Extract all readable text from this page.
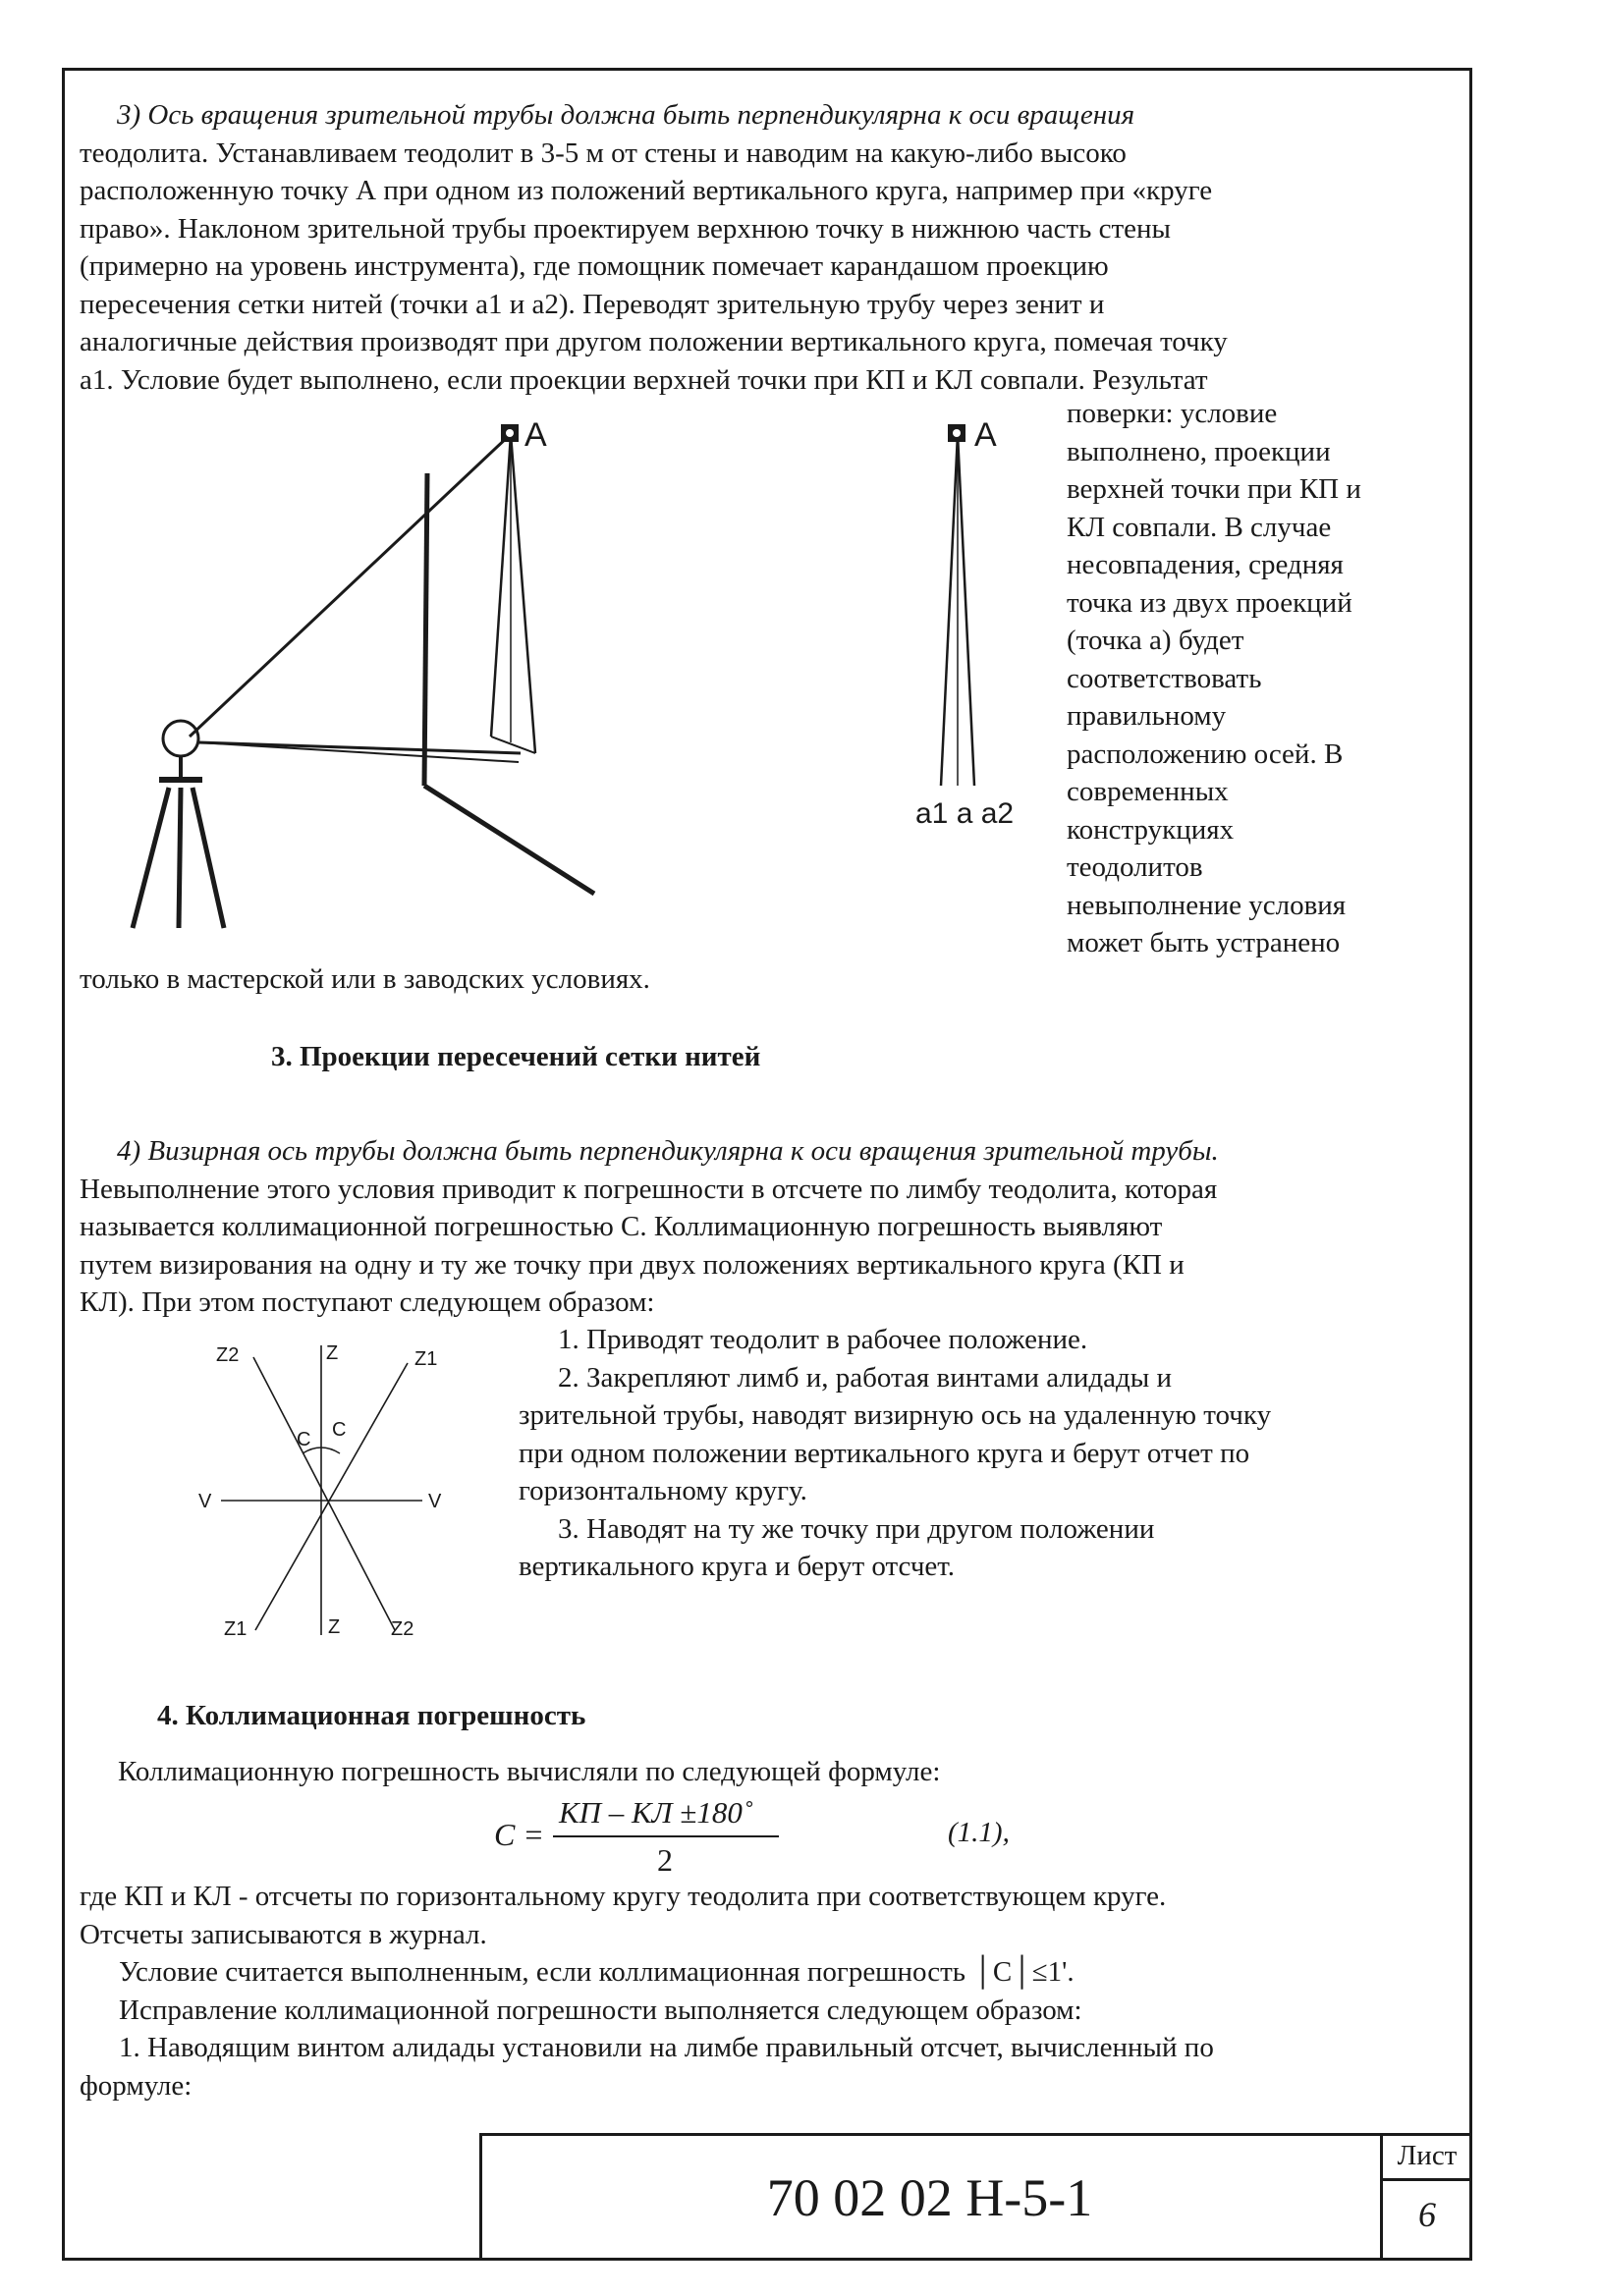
3) Ось вращения зрительной трубы должна быть перпендикулярна к оси вращения
теодолита. Устанавливаем теодолит в 3-5 м от стены и наводим на какую-либо высоко
расположенную точку А при одном из положений вертикального круга, например при «круге
право». Наклоном зрительной трубы проектируем верхнюю точку в нижнюю часть стены
(примерно на уровень инструмента), где помощник помечает карандашом проекцию
пересечения сетки нитей (точки а1 и а2). Переводят зрительную трубу через зенит и
аналогичные действия производят при другом положении вертикального круга, помечая точку
а1. Условие будет выполнено, если проекции верхней точки при КП и КЛ совпали. Результат
поверки: условие
выполнено, проекции
верхней точки при КП и
КЛ совпали. В случае
несовпадения, средняя
точка из двух проекций
(точка а) будет
соответствовать
правильному
расположению осей. В
современных
конструкциях
теодолитов
невыполнение условия
может быть устранено
А	А
a1 a a2
только в мастерской или в заводских условиях.
3. Проекции пересечений сетки нитей
4) Визирная ось трубы должна быть перпендикулярна к оси вращения зрительной трубы.
Невыполнение этого условия приводит к погрешности в отсчете по лимбу теодолита, которая
называется коллимационной погрешностью С. Коллимационную погрешность выявляют
путем визирования на одну и ту же точку при двух положениях вертикального круга (КП и
КЛ). При этом поступают следующем образом:
1. Приводят теодолит в рабочее положение.
2. Закрепляют лимб и, работая винтами алидады и
зрительной трубы, наводят визирную ось на удаленную точку
при одном положении вертикального круга и берут отчет по
горизонтальному кругу.
3. Наводят на ту же точку при другом положении
вертикального круга и берут отсчет.
Z2	Z	Z1
C C
V	V
Z1	Z	Z2
4. Коллимационная погрешность
Коллимационную погрешность вычисляли по следующей формуле:
C =
КП – КЛ ±180˚
2
(1.1),
где КП и КЛ - отсчеты по горизонтальному кругу теодолита при соответствующем круге.
Отсчеты записываются в журнал.
Условие считается выполненным, если коллимационная погрешность │С│≤1'.
Исправление коллимационной погрешности выполняется следующем образом:
1. Наводящим винтом алидады установили на лимбе правильный отсчет, вычисленный по
формуле:
70 02 02 Н-5-1
Лист
6
